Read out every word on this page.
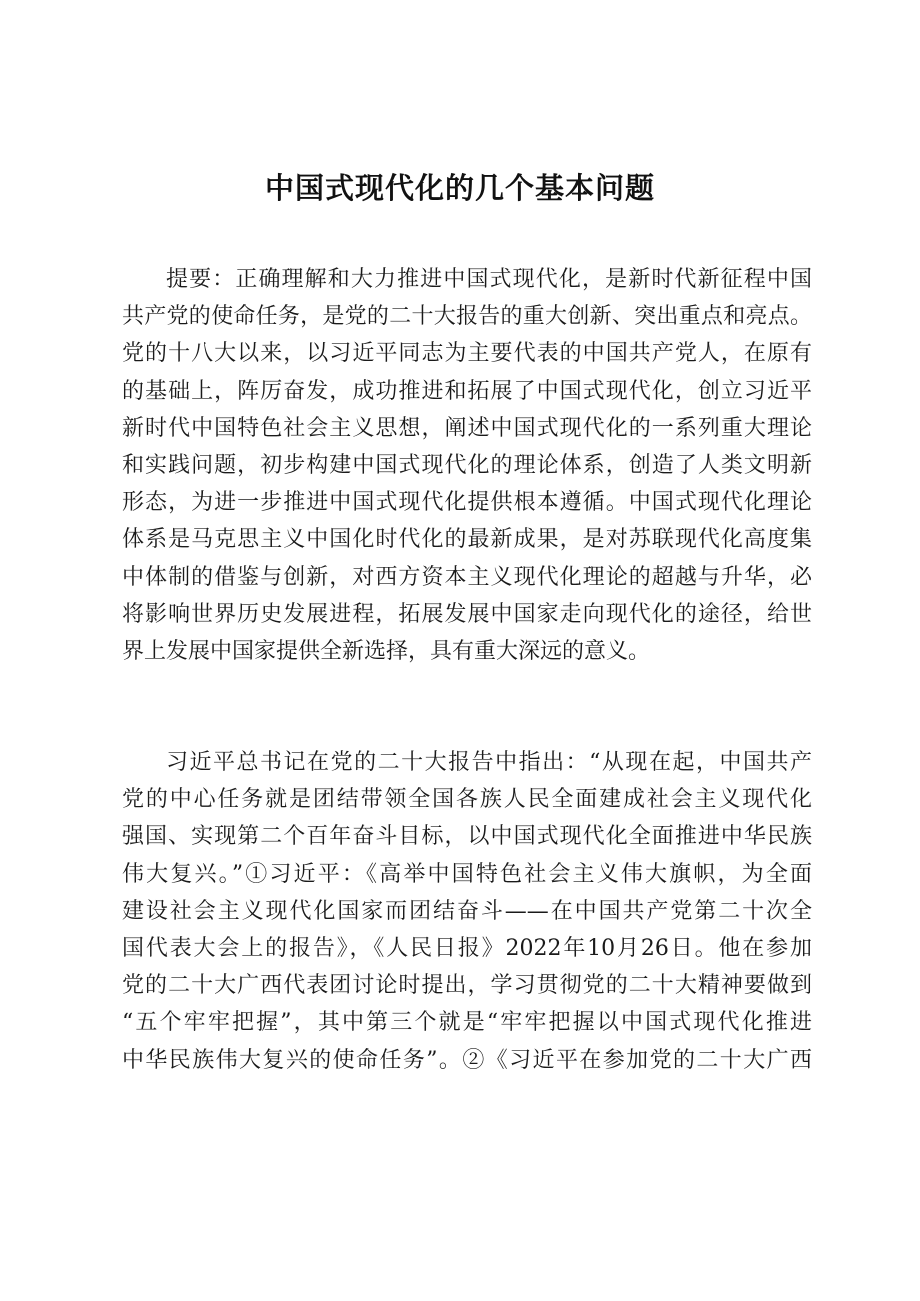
中国式现代化的几个基本问题
提要：正确理解和大力推进中国式现代化，是新时代新征程中国
共产党的使命任务，是党的二十大报告的重大创新、突出重点和亮点。
党的十八大以来，以习近平同志为主要代表的中国共产党人，在原有
的基础上，阵厉奋发，成功推进和拓展了中国式现代化，创立习近平
新时代中国特色社会主义思想，阐述中国式现代化的一系列重大理论
和实践问题，初步构建中国式现代化的理论体系，创造了人类文明新
形态，为进一步推进中国式现代化提供根本遵循。中国式现代化理论
体系是马克思主义中国化时代化的最新成果，是对苏联现代化高度集
中体制的借鉴与创新，对西方资本主义现代化理论的超越与升华，必
将影响世界历史发展进程，拓展发展中国家走向现代化的途径，给世
界上发展中国家提供全新选择，具有重大深远的意义。
习近平总书记在党的二十大报告中指出：“从现在起，中国共产
党的中心任务就是团结带领全国各族人民全面建成社会主义现代化
强国、实现第二个百年奋斗目标，以中国式现代化全面推进中华民族
伟大复兴。”①习近平：《高举中国特色社会主义伟大旗帜，为全面
建设社会主义现代化国家而团结奋斗——在中国共产党第二十次全
国代表大会上的报告》，《人民日报》2022年10月26日。他在参加
党的二十大广西代表团讨论时提出，学习贯彻党的二十大精神要做到
“五个牢牢把握”，其中第三个就是“牢牢把握以中国式现代化推进
中华民族伟大复兴的使命任务”。②《习近平在参加党的二十大广西
